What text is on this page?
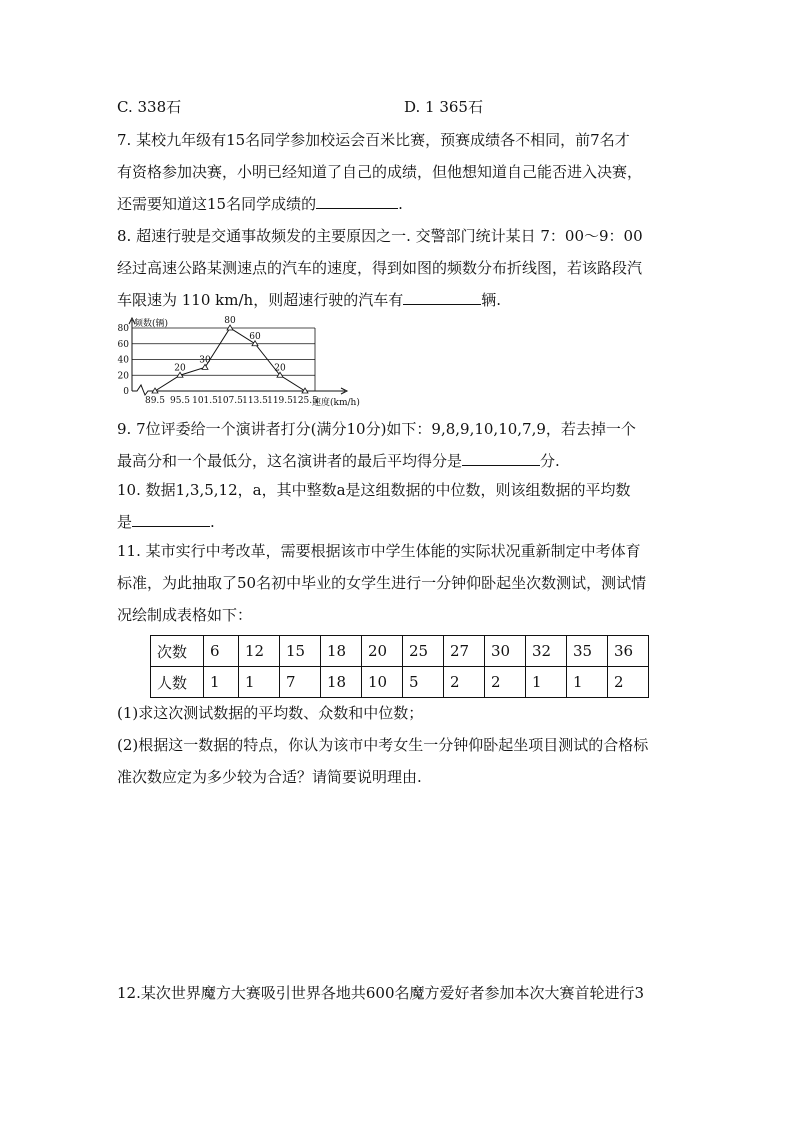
C. 338石	D. 1 365石
7. 某校九年级有15名同学参加校运会百米比赛，预赛成绩各不相同，前7名才
有资格参加决赛，小明已经知道了自己的成绩，但他想知道自己能否进入决赛，
还需要知道这15名同学成绩的	.
8. 超速行驶是交通事故频发的主要原因之一. 交警部门统计某日 7：00～9：00
经过高速公路某测速点的汽车的速度，得到如图的频数分布折线图，若该路段汽
车限速为 110 km/h，则超速行驶的汽车有	辆.
0
20
40
60
80
89.5 95.5 101.5 107.5 113.5 119.5 125.5
20
30
80
60
20
频数(辆)
速度(km/h)
9. 7位评委给一个演讲者打分(满分10分)如下：9,8,9,10,10,7,9，若去掉一个
最高分和一个最低分，这名演讲者的最后平均得分是	分.
10. 数据1,3,5,12，a，其中整数a是这组数据的中位数，则该组数据的平均数
是	.
11. 某市实行中考改革，需要根据该市中学生体能的实际状况重新制定中考体育
标准，为此抽取了50名初中毕业的女学生进行一分钟仰卧起坐次数测试，测试情
况绘制成表格如下：
次数	6	12	15	18	20	25	27	30	32	35	36
人数	1	1	7	18	10	5	2	2	1	1	2
(1)求这次测试数据的平均数、众数和中位数；
(2)根据这一数据的特点，你认为该市中考女生一分钟仰卧起坐项目测试的合格标
准次数应定为多少较为合适？请简要说明理由.
12.某次世界魔方大赛吸引世界各地共600名魔方爱好者参加本次大赛首轮进行3
